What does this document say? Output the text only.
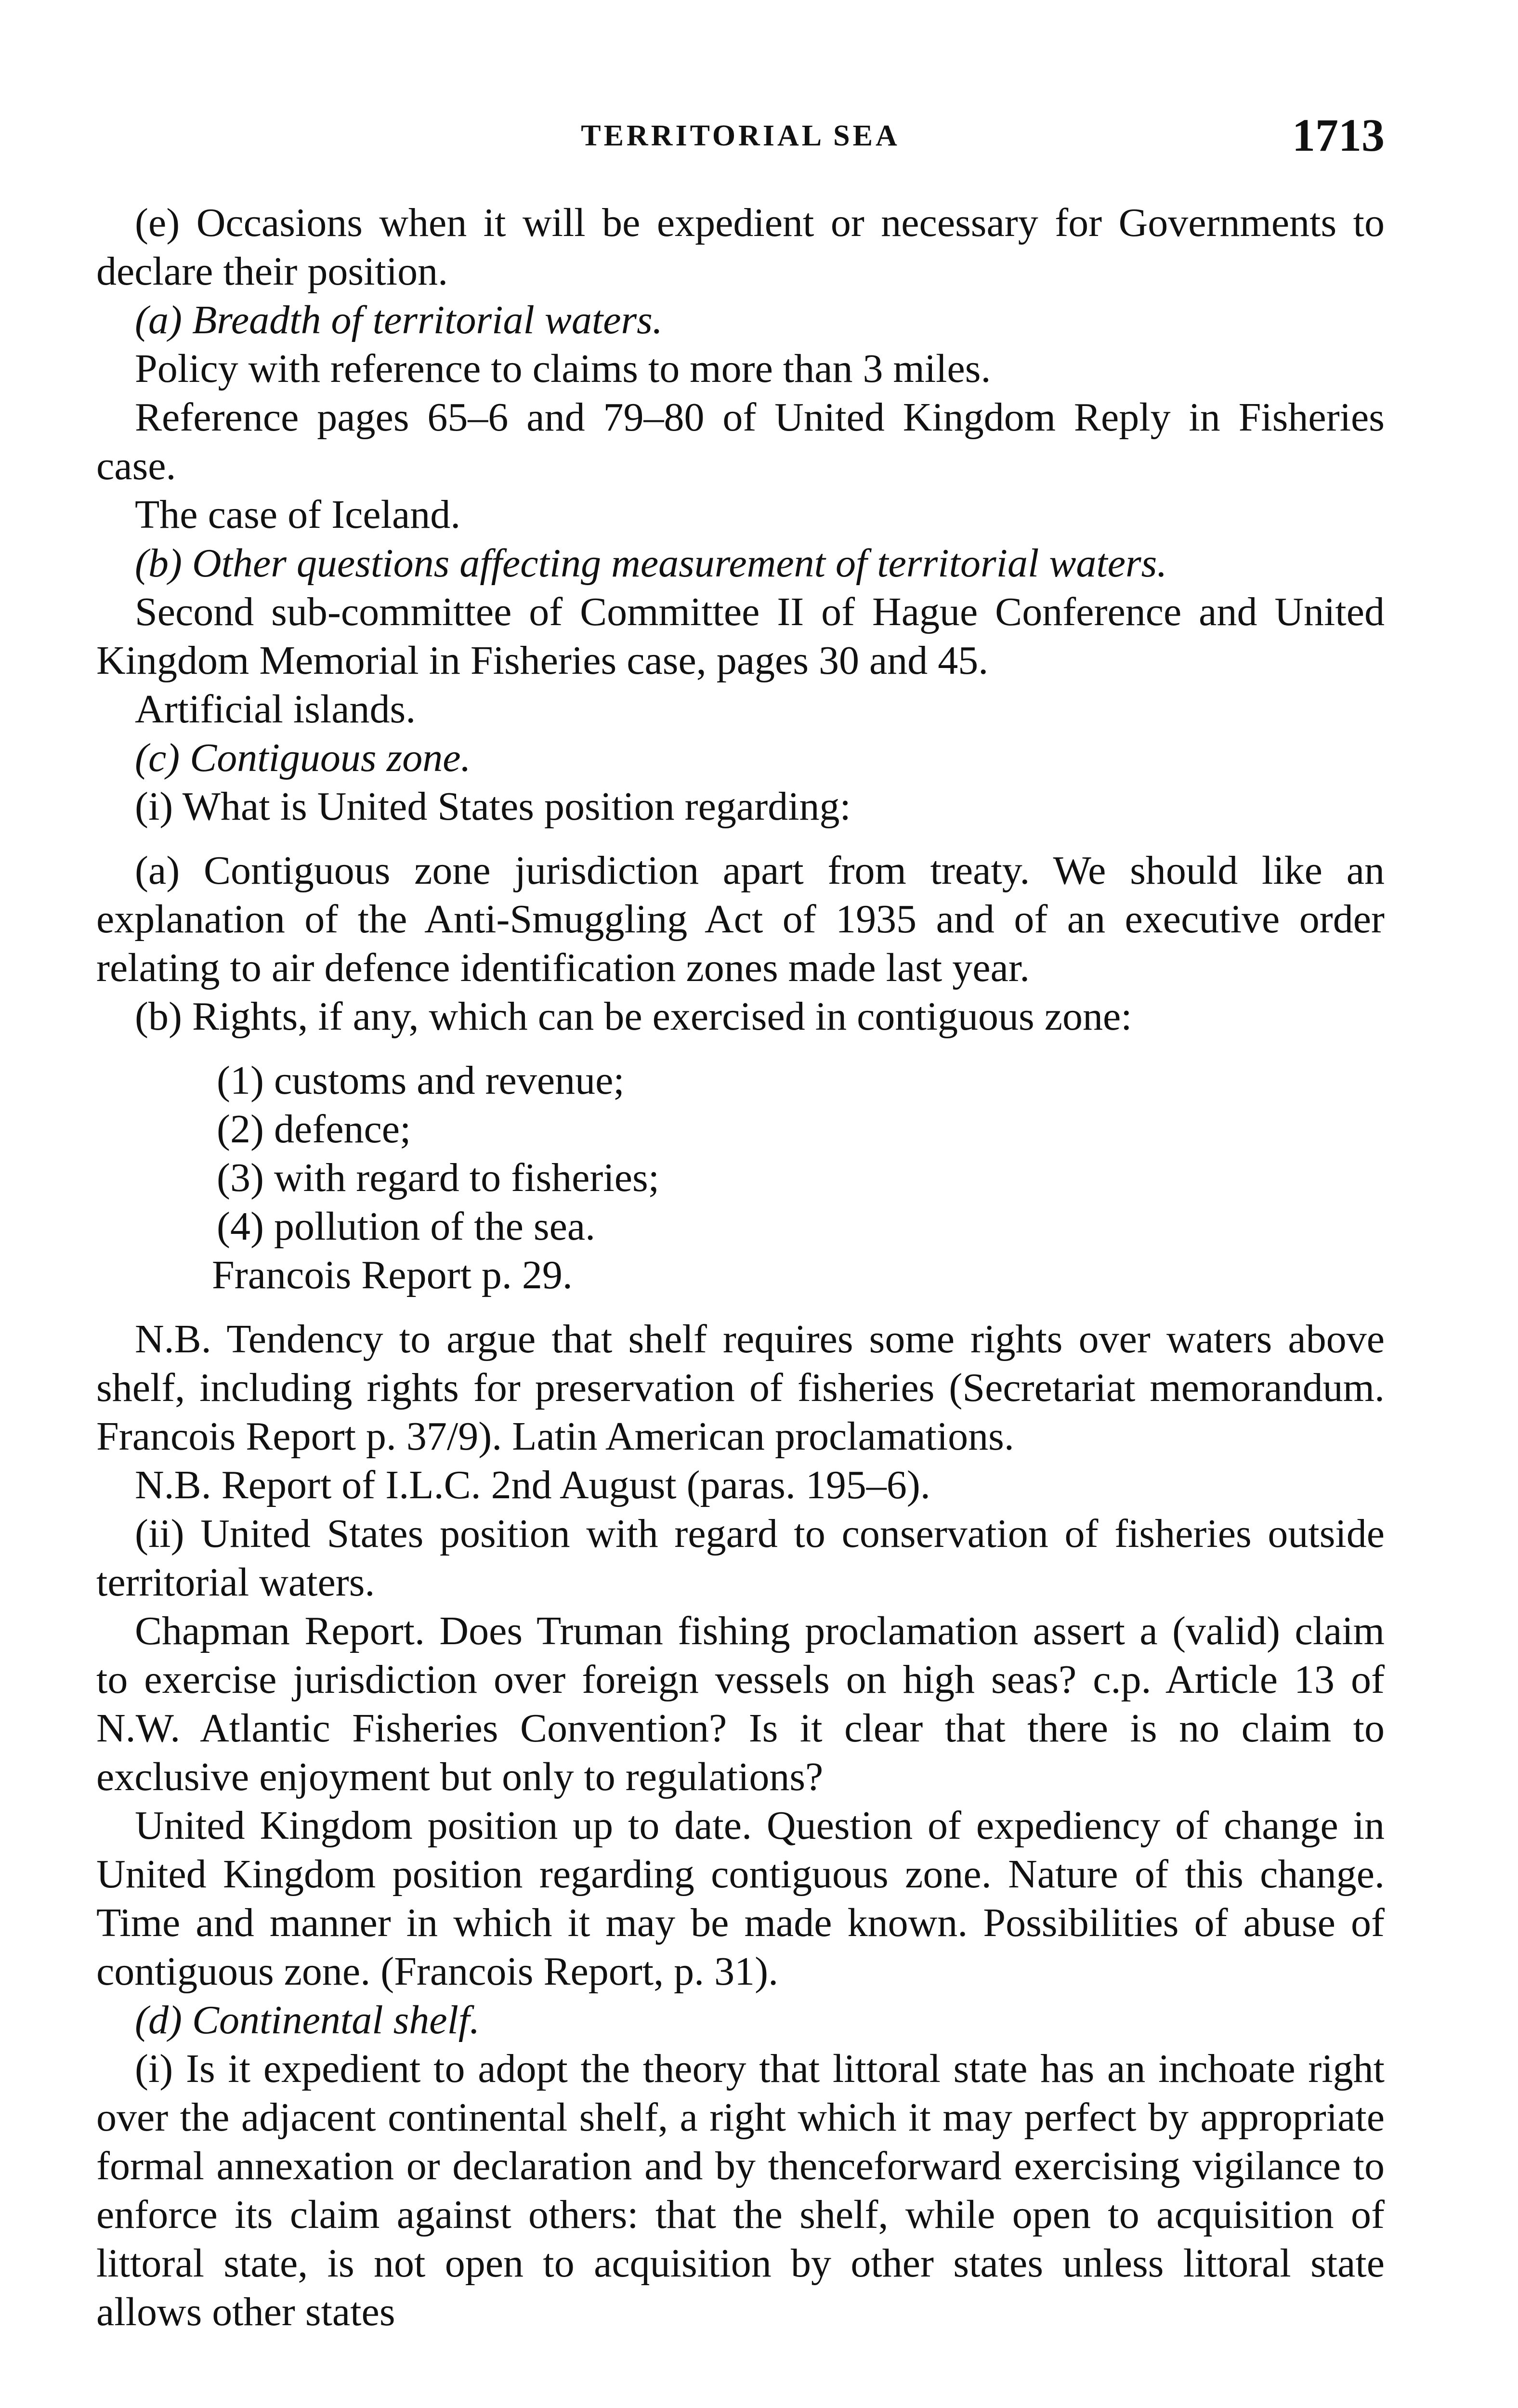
TERRITORIAL SEA	1713

(e) Occasions when it will be expedient or necessary for Governments to declare their position.

(a) Breadth of territorial waters.

Policy with reference to claims to more than 3 miles.

Reference pages 65–6 and 79–80 of United Kingdom Reply in Fisheries case.

The case of Iceland.

(b) Other questions affecting measurement of territorial waters.

Second sub-committee of Committee II of Hague Conference and United Kingdom Memorial in Fisheries case, pages 30 and 45.

Artificial islands.

(c) Contiguous zone.

(i) What is United States position regarding:

(a) Contiguous zone jurisdiction apart from treaty. We should like an explanation of the Anti-Smuggling Act of 1935 and of an executive order relating to air defence identification zones made last year.

(b) Rights, if any, which can be exercised in contiguous zone:

(1) customs and revenue;

(2) defence;

(3) with regard to fisheries;

(4) pollution of the sea.

Francois Report p. 29.

N.B. Tendency to argue that shelf requires some rights over waters above shelf, including rights for preservation of fisheries (Secretariat memorandum. Francois Report p. 37/9). Latin American proclamations.

N.B. Report of I.L.C. 2nd August (paras. 195–6).

(ii) United States position with regard to conservation of fisheries outside territorial waters.

Chapman Report. Does Truman fishing proclamation assert a (valid) claim to exercise jurisdiction over foreign vessels on high seas? c.p. Article 13 of N.W. Atlantic Fisheries Convention? Is it clear that there is no claim to exclusive enjoyment but only to regulations?

United Kingdom position up to date. Question of expediency of change in United Kingdom position regarding contiguous zone. Nature of this change. Time and manner in which it may be made known. Possibilities of abuse of contiguous zone. (Francois Report, p. 31).

(d) Continental shelf.

(i) Is it expedient to adopt the theory that littoral state has an inchoate right over the adjacent continental shelf, a right which it may perfect by appropriate formal annexation or declaration and by thenceforward exercising vigilance to enforce its claim against others: that the shelf, while open to acquisition of littoral state, is not open to acquisition by other states unless littoral state allows other states
